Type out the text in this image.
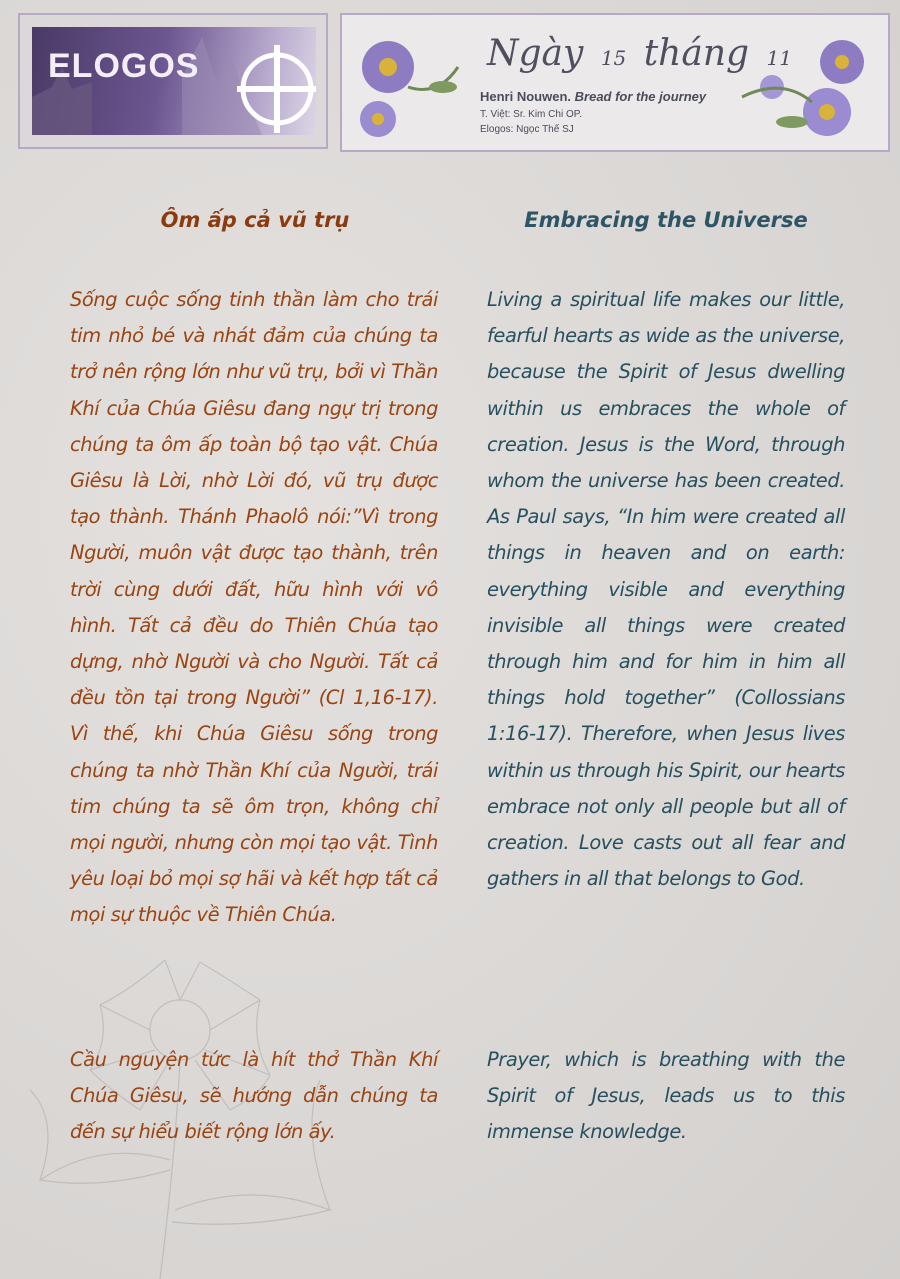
ELOGOS	Ngày 15 tháng 11
Henri Nouwen. Bread for the journey
T. Việt: Sr. Kim Chi OP.
Elogos: Ngọc Thế SJ
Ôm ấp cả vũ trụ	Embracing the Universe
Sống cuộc sống tinh thần làm cho trái tim nhỏ bé và nhát đảm của chúng ta trở nên rộng lớn như vũ trụ, bởi vì Thần Khí của Chúa Giêsu đang ngự trị trong chúng ta ôm ấp toàn bộ tạo vật. Chúa Giêsu là Lời, nhờ Lời đó, vũ trụ được tạo thành. Thánh Phaolô nói:”Vì trong Người, muôn vật được tạo thành, trên trời cùng dưới đất, hữu hình với vô hình. Tất cả đều do Thiên Chúa tạo dựng, nhờ Người và cho Người. Tất cả đều tồn tại trong Người” (Cl 1,16-17). Vì thế, khi Chúa Giêsu sống trong chúng ta nhờ Thần Khí của Người, trái tim chúng ta sẽ ôm trọn, không chỉ mọi người, nhưng còn mọi tạo vật. Tình yêu loại bỏ mọi sợ hãi và kết hợp tất cả mọi sự thuộc về Thiên Chúa.
Cầu nguyện tức là hít thở Thần Khí Chúa Giêsu, sẽ hướng dẫn chúng ta đến sự hiểu biết rộng lớn ấy.
Living a spiritual life makes our little, fearful hearts as wide as the universe, because the Spirit of Jesus dwelling within us embraces the whole of creation. Jesus is the Word, through whom the universe has been created. As Paul says, “In him were created all things in heaven and on earth: everything visible and everything invisible all things were created through him and for him in him all things hold together” (Collossians 1:16-17). Therefore, when Jesus lives within us through his Spirit, our hearts embrace not only all people but all of creation. Love casts out all fear and gathers in all that belongs to God.
Prayer, which is breathing with the Spirit of Jesus, leads us to this immense knowledge.
